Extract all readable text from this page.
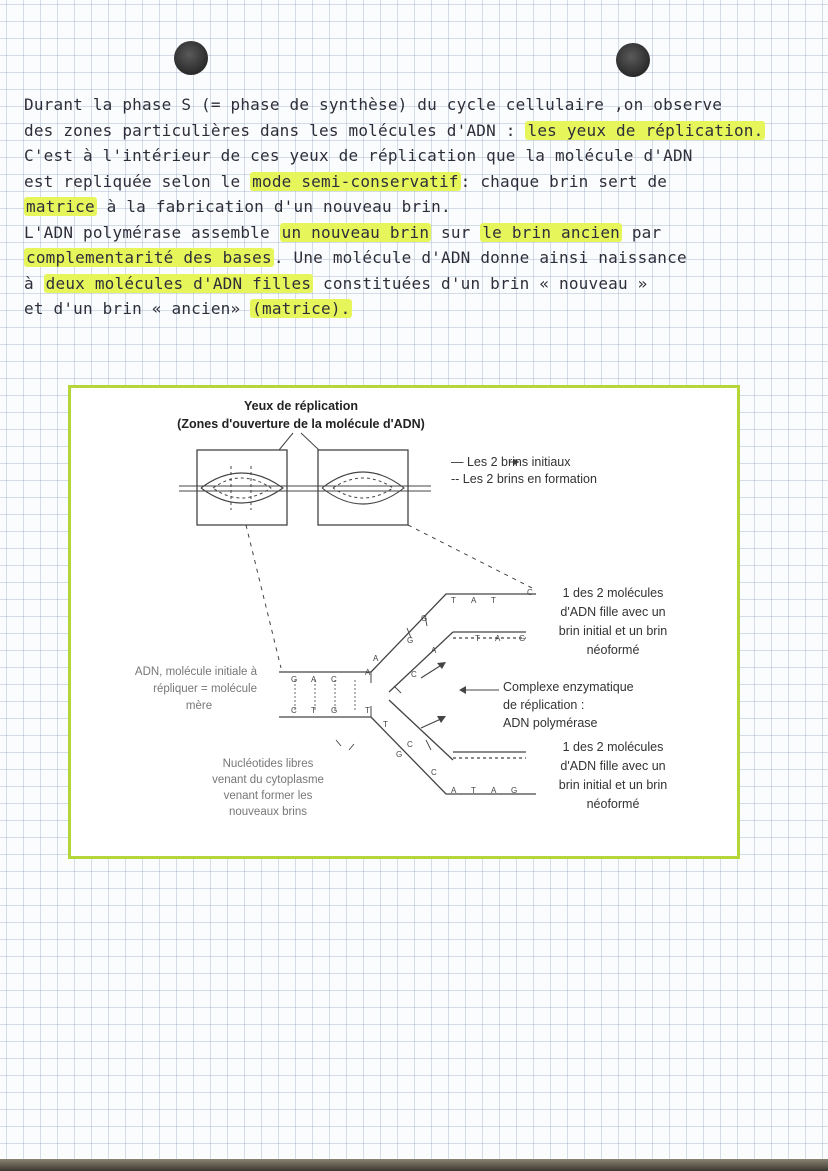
Durant la phase S (= phase de synthèse) du cycle cellulaire ,on observe
des zones particulières dans les molécules d'ADN : les yeux de réplication.
C'est à l'intérieur de ces yeux de réplication que la molécule d'ADN
est repliquée selon le mode semi-conservatif : chaque brin sert de
matrice à la fabrication d'un nouveau brin.
L'ADN polymérase assemble un nouveau brin sur le brin ancien par
complementarité des bases . Une molécule d'ADN donne ainsi naissance
à deux molécules d'ADN filles constituées d'un brin « nouveau »
et d'un brin « ancien» (matrice).
Yeux de réplication
(Zones d'ouverture de la molécule d'ADN)
— Les 2 brins initiaux
-- Les 2 brins en formation
1 des 2 molécules
d'ADN fille avec un
brin initial et un brin
néoformé
Complexe enzymatique
de réplication :
ADN polymérase
1 des 2 molécules
d'ADN fille avec un
brin initial et un brin
néoformé
ADN, molécule initiale à
répliquer = molécule
mère
Nucléotides libres
venant du cytoplasme
venant former les
nouveaux brins
G A C
A
C T G	T
T A T
C
T A G
A T A G
G
G
A
C
T
C
A
C
G
